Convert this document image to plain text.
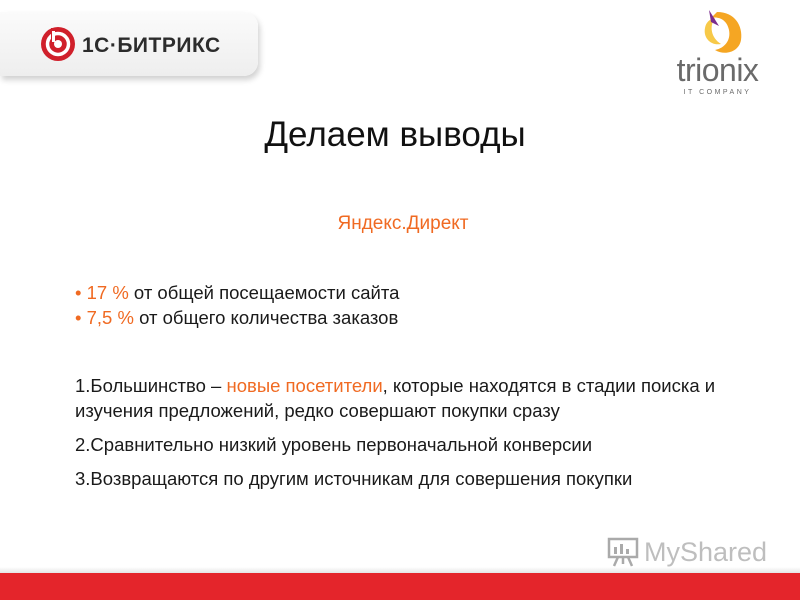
1С·БИТРИКС
trionix
IT COMPANY
Делаем выводы
Яндекс.Директ
• 17 % от общей посещаемости сайта
• 7,5 % от общего количества заказов
1.Большинство – новые посетители, которые находятся в стадии поиска и изучения предложений, редко совершают покупки сразу
2.Сравнительно низкий уровень первоначальной конверсии
3.Возвращаются по другим источникам для совершения покупки
MyShared
